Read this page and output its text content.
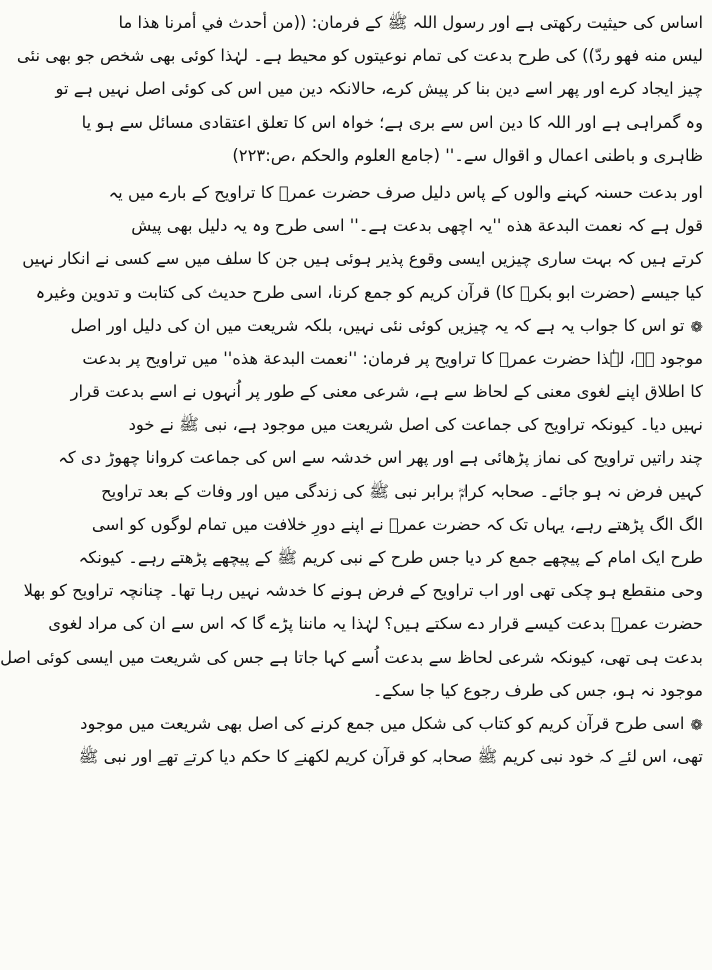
اساس کی حیثیت رکھتی ہے اور رسول اللہ ﷺ کے فرمان: ((من أحدث في أمرنا هذا ما
ليس منه فهو ردّ)) کی طرح بدعت کی تمام نوعیتوں کو محیط ہے۔ لہٰذا کوئی بھی شخص جو بھی نئی
چیز ایجاد کرے اور پھر اسے دین بنا کر پیش کرے، حالانکہ دین میں اس کی کوئی اصل نہیں ہے تو
وہ گمراہی ہے اور اللہ کا دین اس سے بری ہے؛ خواہ اس کا تعلق اعتقادی مسائل سے ہو یا
ظاہری و باطنی اعمال و اقوال سے۔'' (جامع العلوم والحکم ،ص:۲۲۳)
اور بدعت حسنہ کہنے والوں کے پاس دلیل صرف حضرت عمرؓ کا تراویح کے بارے میں یہ
قول ہے کہ نعمت البدعة هذه ''یہ اچھی بدعت ہے۔'' اسی طرح وہ یہ دلیل بھی پیش
کرتے ہیں کہ بہت ساری چیزیں ایسی وقوع پذیر ہوئی ہیں جن کا سلف میں سے کسی نے انکار نہیں
کیا جیسے (حضرت ابو بکرؓ کا) قرآن کریم کو جمع کرنا، اسی طرح حدیث کی کتابت و تدوین وغیرہ
❁تو اس کا جواب یہ ہے کہ یہ چیزیں کوئی نئی نہیں، بلکہ شریعت میں ان کی دلیل اور اصل
موجود ہے، لہٰذا حضرت عمرؓ کا تراویح پر فرمان: ''نعمت البدعة هذه'' میں تراویح پر بدعت
کا اطلاق اپنے لغوی معنی کے لحاظ سے ہے، شرعی معنی کے طور پر اُنہوں نے اسے بدعت قرار
نہیں دیا۔ کیونکہ تراویح کی جماعت کی اصل شریعت میں موجود ہے، نبی ﷺ نے خود
چند راتیں تراویح کی نماز پڑھائی ہے اور پھر اس خدشہ سے اس کی جماعت کروانا چھوڑ دی کہ
کہیں فرض نہ ہو جائے۔ صحابہ کرامؓ برابر نبی ﷺ کی زندگی میں اور وفات کے بعد تراویح
الگ الگ پڑھتے رہے، یہاں تک کہ حضرت عمرؓ نے اپنے دورِ خلافت میں تمام لوگوں کو اسی
طرح ایک امام کے پیچھے جمع کر دیا جس طرح کے نبی کریم ﷺ کے پیچھے پڑھتے رہے۔ کیونکہ
وحی منقطع ہو چکی تھی اور اب تراویح کے فرض ہونے کا خدشہ نہیں رہا تھا۔ چنانچہ تراویح کو بھلا
حضرت عمرؓ بدعت کیسے قرار دے سکتے ہیں؟ لہٰذا یہ ماننا پڑے گا کہ اس سے ان کی مراد لغوی
بدعت ہی تھی، کیونکہ شرعی لحاظ سے بدعت اُسے کہا جاتا ہے جس کی شریعت میں ایسی کوئی اصل
موجود نہ ہو، جس کی طرف رجوع کیا جا سکے۔
❁اسی طرح قرآن کریم کو کتاب کی شکل میں جمع کرنے کی اصل بھی شریعت میں موجود
تھی، اس لئے کہ خود نبی کریم ﷺ صحابہ کو قرآن کریم لکھنے کا حکم دیا کرتے تھے اور نبی ﷺ
